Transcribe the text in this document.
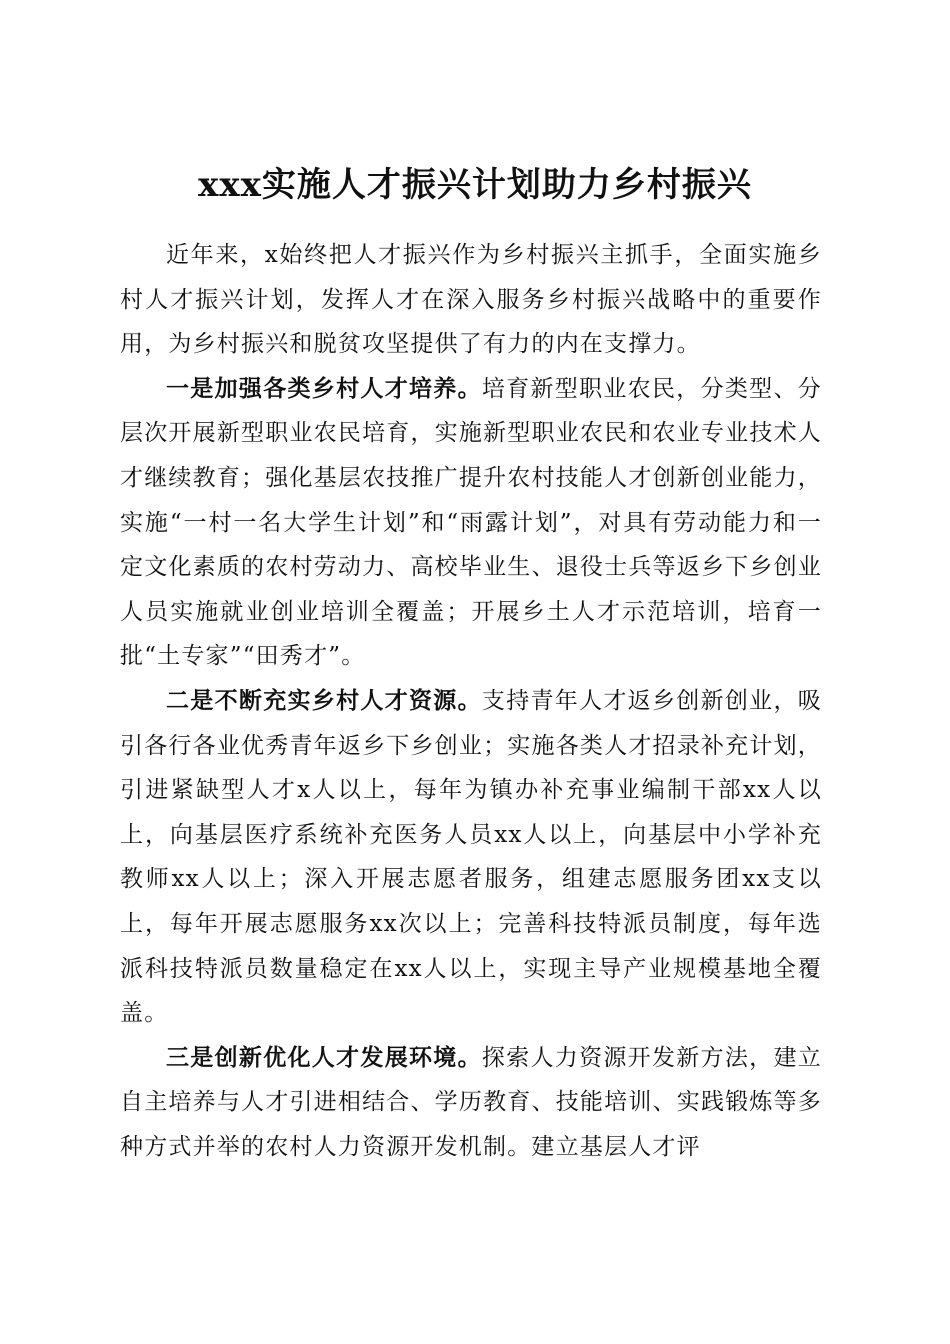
xxx实施人才振兴计划助力乡村振兴

近年来，x始终把人才振兴作为乡村振兴主抓手，全面实施乡村人才振兴计划，发挥人才在深入服务乡村振兴战略中的重要作用，为乡村振兴和脱贫攻坚提供了有力的内在支撑力。

一是加强各类乡村人才培养。培育新型职业农民，分类型、分层次开展新型职业农民培育，实施新型职业农民和农业专业技术人才继续教育；强化基层农技推广提升农村技能人才创新创业能力，实施“一村一名大学生计划”和“雨露计划”，对具有劳动能力和一定文化素质的农村劳动力、高校毕业生、退役士兵等返乡下乡创业人员实施就业创业培训全覆盖；开展乡土人才示范培训，培育一批“土专家”“田秀才”。

二是不断充实乡村人才资源。支持青年人才返乡创新创业，吸引各行各业优秀青年返乡下乡创业；实施各类人才招录补充计划，引进紧缺型人才x人以上，每年为镇办补充事业编制干部xx人以上，向基层医疗系统补充医务人员xx人以上，向基层中小学补充教师xx人以上；深入开展志愿者服务，组建志愿服务团xx支以上，每年开展志愿服务xx次以上；完善科技特派员制度，每年选派科技特派员数量稳定在xx人以上，实现主导产业规模基地全覆盖。

三是创新优化人才发展环境。探索人力资源开发新方法，建立自主培养与人才引进相结合、学历教育、技能培训、实践锻炼等多种方式并举的农村人力资源开发机制。建立基层人才评
